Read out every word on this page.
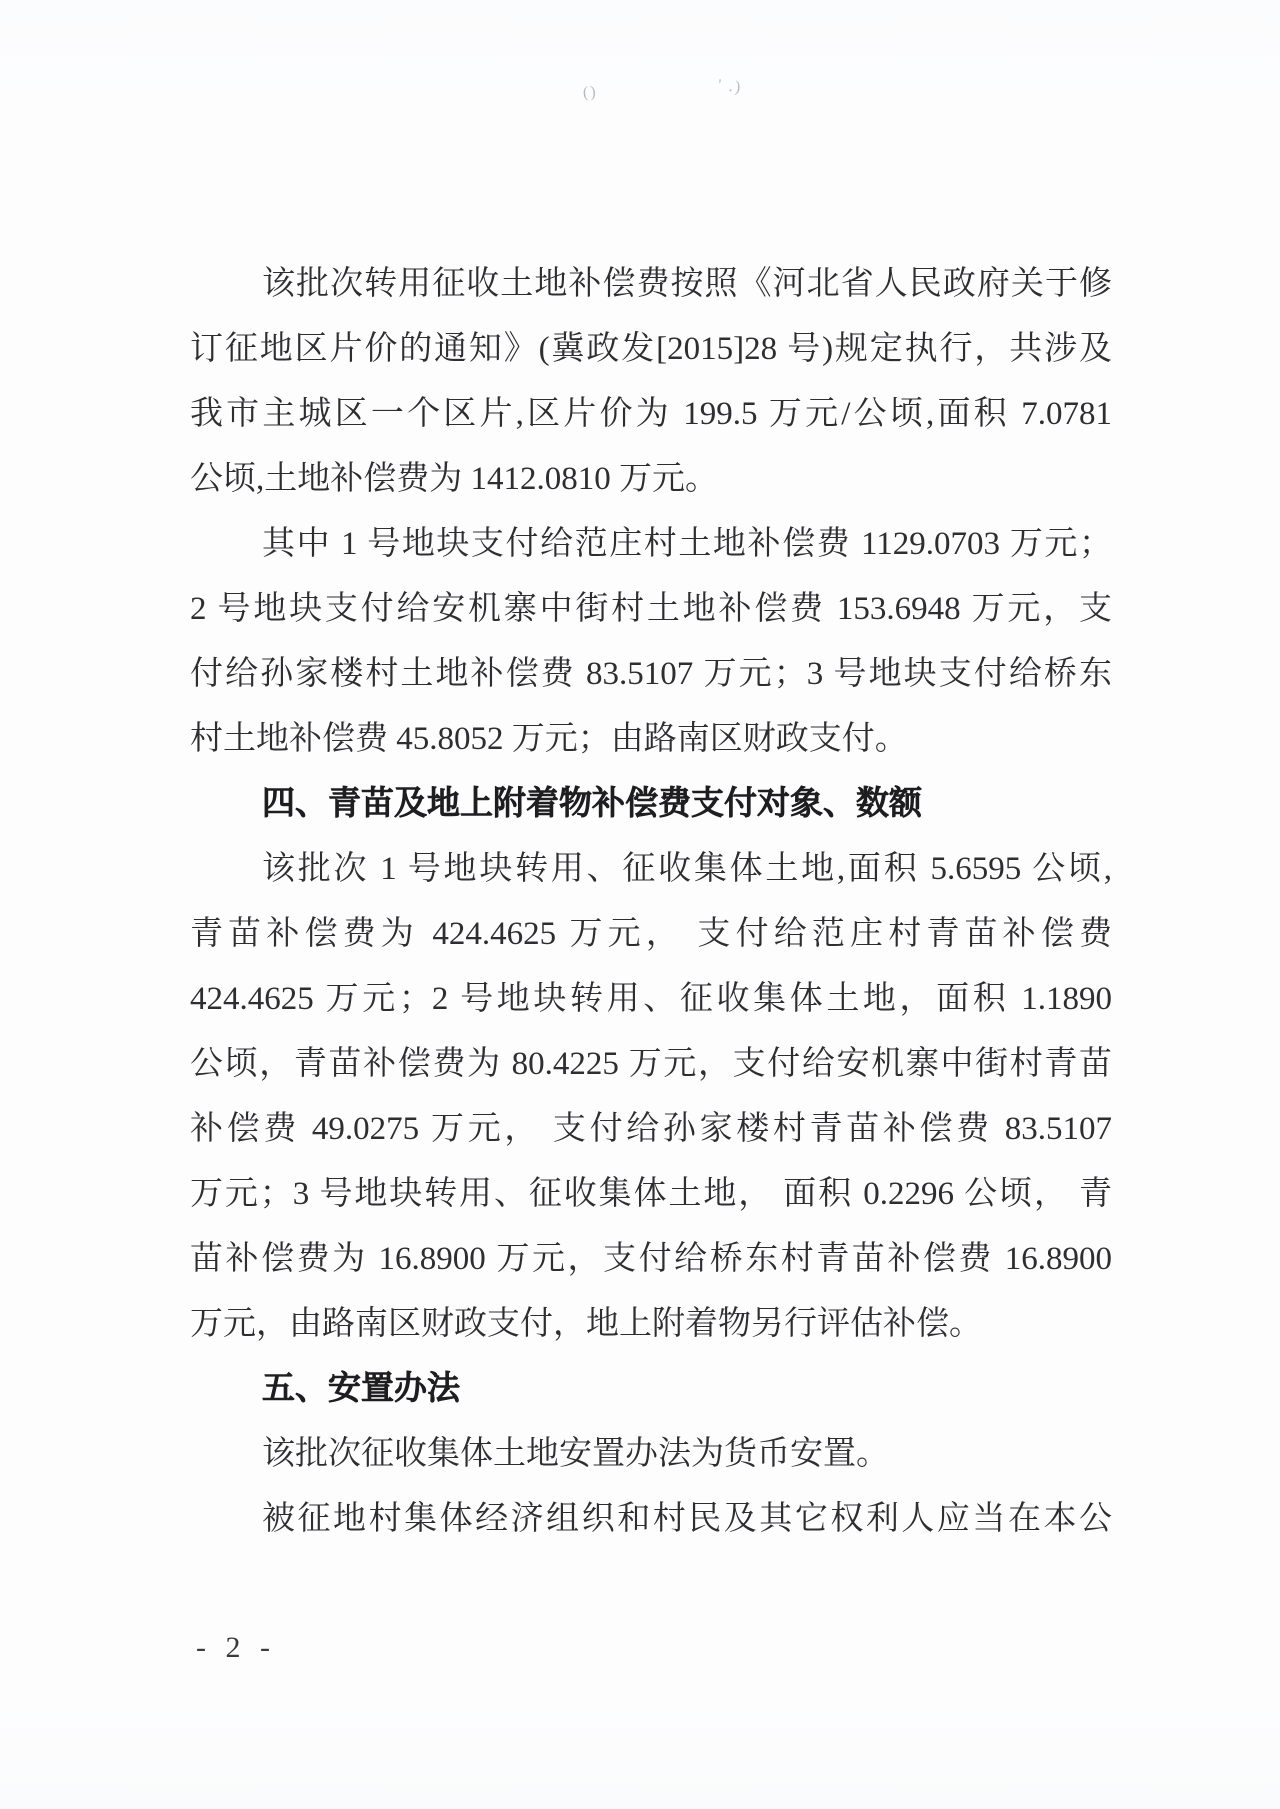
()	' .)
该批次转用征收土地补偿费按照《河北省人民政府关于修
订征地区片价的通知》(冀政发[2015]28 号)规定执行，共涉及
我市主城区一个区片,区片价为 199.5 万元/公顷,面积 7.0781
公顷,土地补偿费为 1412.0810 万元。
其中 1 号地块支付给范庄村土地补偿费 1129.0703 万元；
2 号地块支付给安机寨中街村土地补偿费 153.6948 万元，支
付给孙家楼村土地补偿费 83.5107 万元；3 号地块支付给桥东
村土地补偿费 45.8052 万元；由路南区财政支付。
四、青苗及地上附着物补偿费支付对象、数额
该批次 1 号地块转用、征收集体土地,面积 5.6595 公顷,
青苗补偿费为 424.4625 万元， 支付给范庄村青苗补偿费
424.4625 万元；2 号地块转用、征收集体土地，面积 1.1890
公顷，青苗补偿费为 80.4225 万元，支付给安机寨中街村青苗
补偿费 49.0275 万元， 支付给孙家楼村青苗补偿费 83.5107
万元；3 号地块转用、征收集体土地， 面积 0.2296 公顷， 青
苗补偿费为 16.8900 万元，支付给桥东村青苗补偿费 16.8900
万元，由路南区财政支付，地上附着物另行评估补偿。
五、安置办法
该批次征收集体土地安置办法为货币安置。
被征地村集体经济组织和村民及其它权利人应当在本公
- 2 -
